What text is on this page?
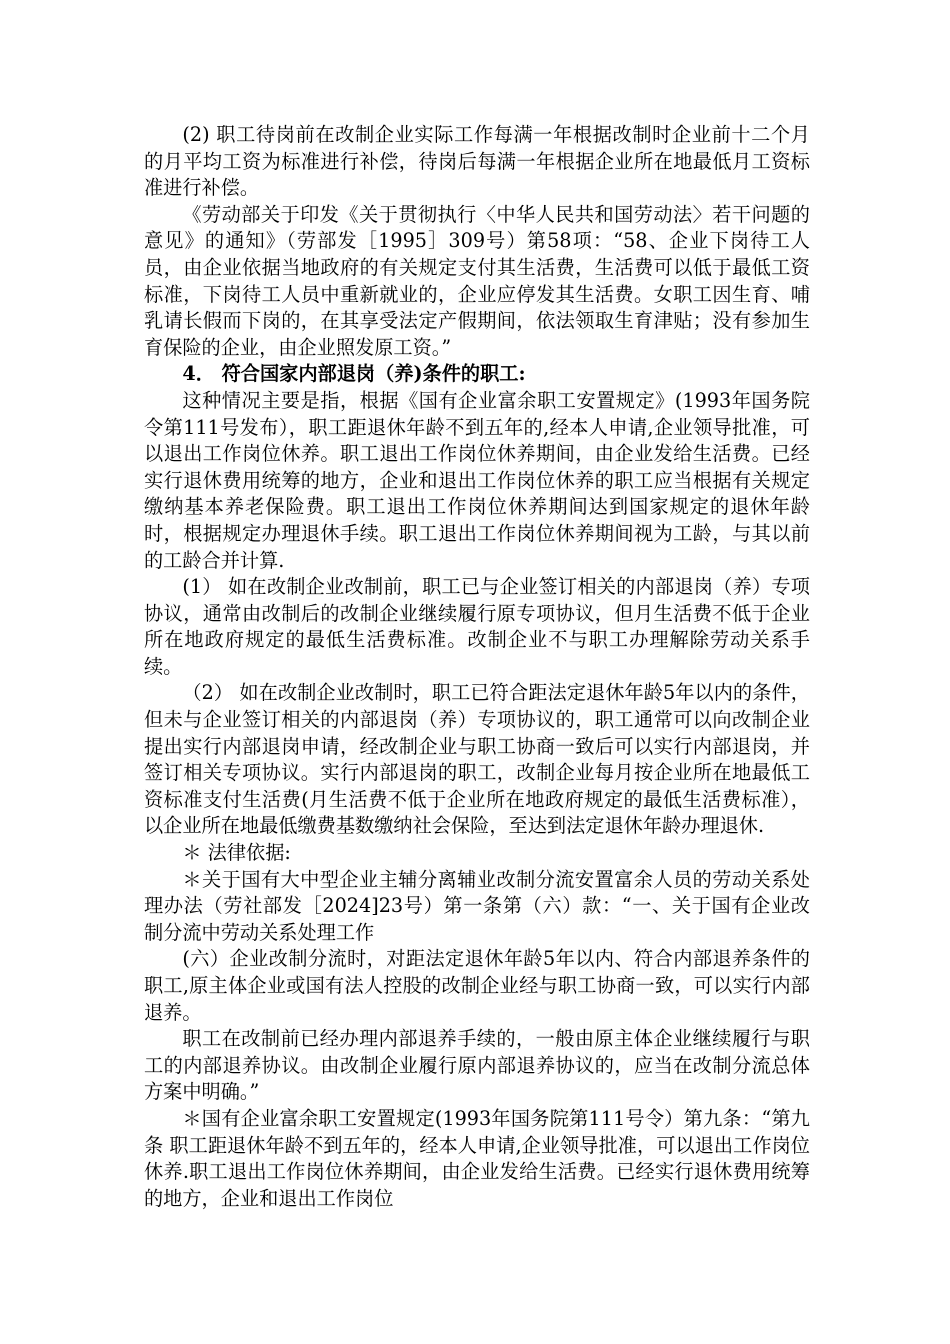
(2) 职工待岗前在改制企业实际工作每满一年根据改制时企业前十二个月的月平均工资为标准进行补偿，待岗后每满一年根据企业所在地最低月工资标准进行补偿。

《劳动部关于印发《关于贯彻执行〈中华人民共和国劳动法〉若干问题的意见》的通知》（劳部发［1995］309号）第58项：“58、企业下岗待工人员，由企业依据当地政府的有关规定支付其生活费，生活费可以低于最低工资标准，下岗待工人员中重新就业的，企业应停发其生活费。女职工因生育、哺乳请长假而下岗的，在其享受法定产假期间，依法领取生育津贴；没有参加生育保险的企业，由企业照发原工资。”

4． 符合国家内部退岗（养)条件的职工:

这种情况主要是指，根据《国有企业富余职工安置规定》(1993年国务院令第111号发布），职工距退休年龄不到五年的,经本人申请,企业领导批准，可以退出工作岗位休养。职工退出工作岗位休养期间，由企业发给生活费。已经实行退休费用统筹的地方，企业和退出工作岗位休养的职工应当根据有关规定缴纳基本养老保险费。职工退出工作岗位休养期间达到国家规定的退休年龄时，根据规定办理退休手续。职工退出工作岗位休养期间视为工龄，与其以前的工龄合并计算.

(1） 如在改制企业改制前，职工已与企业签订相关的内部退岗（养）专项协议，通常由改制后的改制企业继续履行原专项协议，但月生活费不低于企业所在地政府规定的最低生活费标准。改制企业不与职工办理解除劳动关系手续。

（2） 如在改制企业改制时，职工已符合距法定退休年龄5年以内的条件，但未与企业签订相关的内部退岗（养）专项协议的，职工通常可以向改制企业提出实行内部退岗申请，经改制企业与职工协商一致后可以实行内部退岗，并签订相关专项协议。实行内部退岗的职工，改制企业每月按企业所在地最低工资标准支付生活费(月生活费不低于企业所在地政府规定的最低生活费标准），以企业所在地最低缴费基数缴纳社会保险，至达到法定退休年龄办理退休.

＊ 法律依据:

＊关于国有大中型企业主辅分离辅业改制分流安置富余人员的劳动关系处理办法（劳社部发［2024]23号）第一条第（六）款：“一、关于国有企业改制分流中劳动关系处理工作

(六）企业改制分流时，对距法定退休年龄5年以内、符合内部退养条件的职工,原主体企业或国有法人控股的改制企业经与职工协商一致，可以实行内部退养。

职工在改制前已经办理内部退养手续的，一般由原主体企业继续履行与职工的内部退养协议。由改制企业履行原内部退养协议的，应当在改制分流总体方案中明确。”

＊国有企业富余职工安置规定(1993年国务院第111号令）第九条：“第九条 职工距退休年龄不到五年的，经本人申请,企业领导批准，可以退出工作岗位休养.职工退出工作岗位休养期间，由企业发给生活费。已经实行退休费用统筹的地方，企业和退出工作岗位
